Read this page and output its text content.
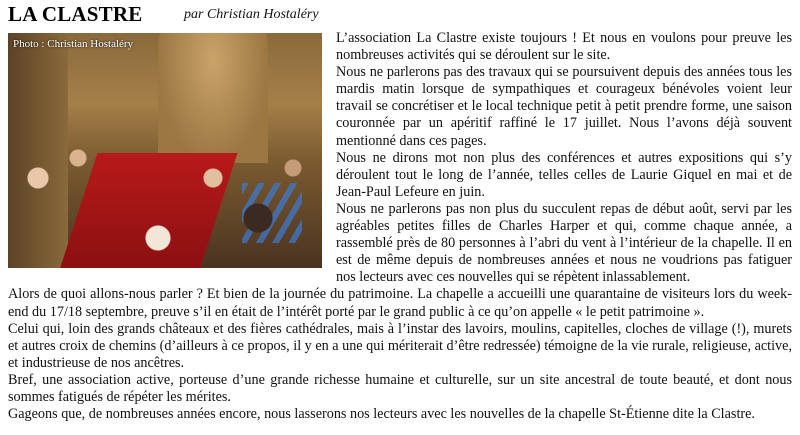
LA CLASTRE	par Christian Hostaléry
Photo : Christian Hostaléry	L’association La Clastre existe toujours ! Et nous en voulons pour preuve les nombreuses activités qui se déroulent sur le site.

Nous ne parlerons pas des travaux qui se poursuivent depuis des années tous les mardis matin lorsque de sympathiques et courageux bénévoles voient leur travail se concrétiser et le local technique petit à petit prendre forme, une saison couronnée par un apéritif raffiné le 17 juillet. Nous l’avons déjà souvent mentionné dans ces pages.

Nous ne dirons mot non plus des conférences et autres expositions qui s’y déroulent tout le long de l’année, telles celles de Laurie Giquel en mai et de Jean-Paul Lefeure en juin.

Nous ne parlerons pas non plus du succulent repas de début août, servi par les agréables petites filles de Charles Harper et qui, comme chaque année, a rassemblé près de 80 personnes à l’abri du vent à l’intérieur de la chapelle. Il en est de même depuis de nombreuses années et nous ne voudrions pas fatiguer nos lecteurs avec ces nouvelles qui se répètent inlassablement.

Alors de quoi allons-nous parler ? Et bien de la journée du patrimoine. La chapelle a accueilli une quarantaine de visiteurs lors du week-end du 17/18 septembre, preuve s’il en était de l’intérêt porté par le grand public à ce qu’on appelle « le petit patrimoine ».

Celui qui, loin des grands châteaux et des fières cathédrales, mais à l’instar des lavoirs, moulins, capitelles, cloches de village (!), murets et autres croix de chemins (d’ailleurs à ce propos, il y en a une qui mériterait d’être redressée) témoigne de la vie rurale, religieuse, active, et industrieuse de nos ancêtres.

Bref, une association active, porteuse d’une grande richesse humaine et culturelle, sur un site ancestral de toute beauté, et dont nous sommes fatigués de répéter les mérites.

Gageons que, de nombreuses années encore, nous lasserons nos lecteurs avec les nouvelles de la chapelle St-Étienne dite la Clastre.
